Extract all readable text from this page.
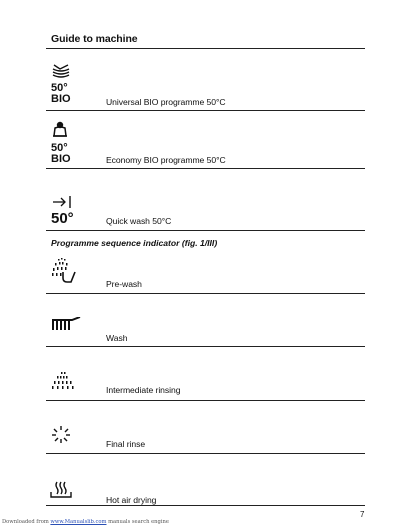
Guide to machine
50°
BIO	Universal BIO programme 50°C
50°
BIO	Economy BIO programme 50°C
50°	Quick wash 50°C
Programme sequence indicator (fig. 1/III)
Pre-wash
Wash
Intermediate rinsing
Final rinse
Hot air drying
7
Downloaded from www.Manualslib.com manuals search engine
